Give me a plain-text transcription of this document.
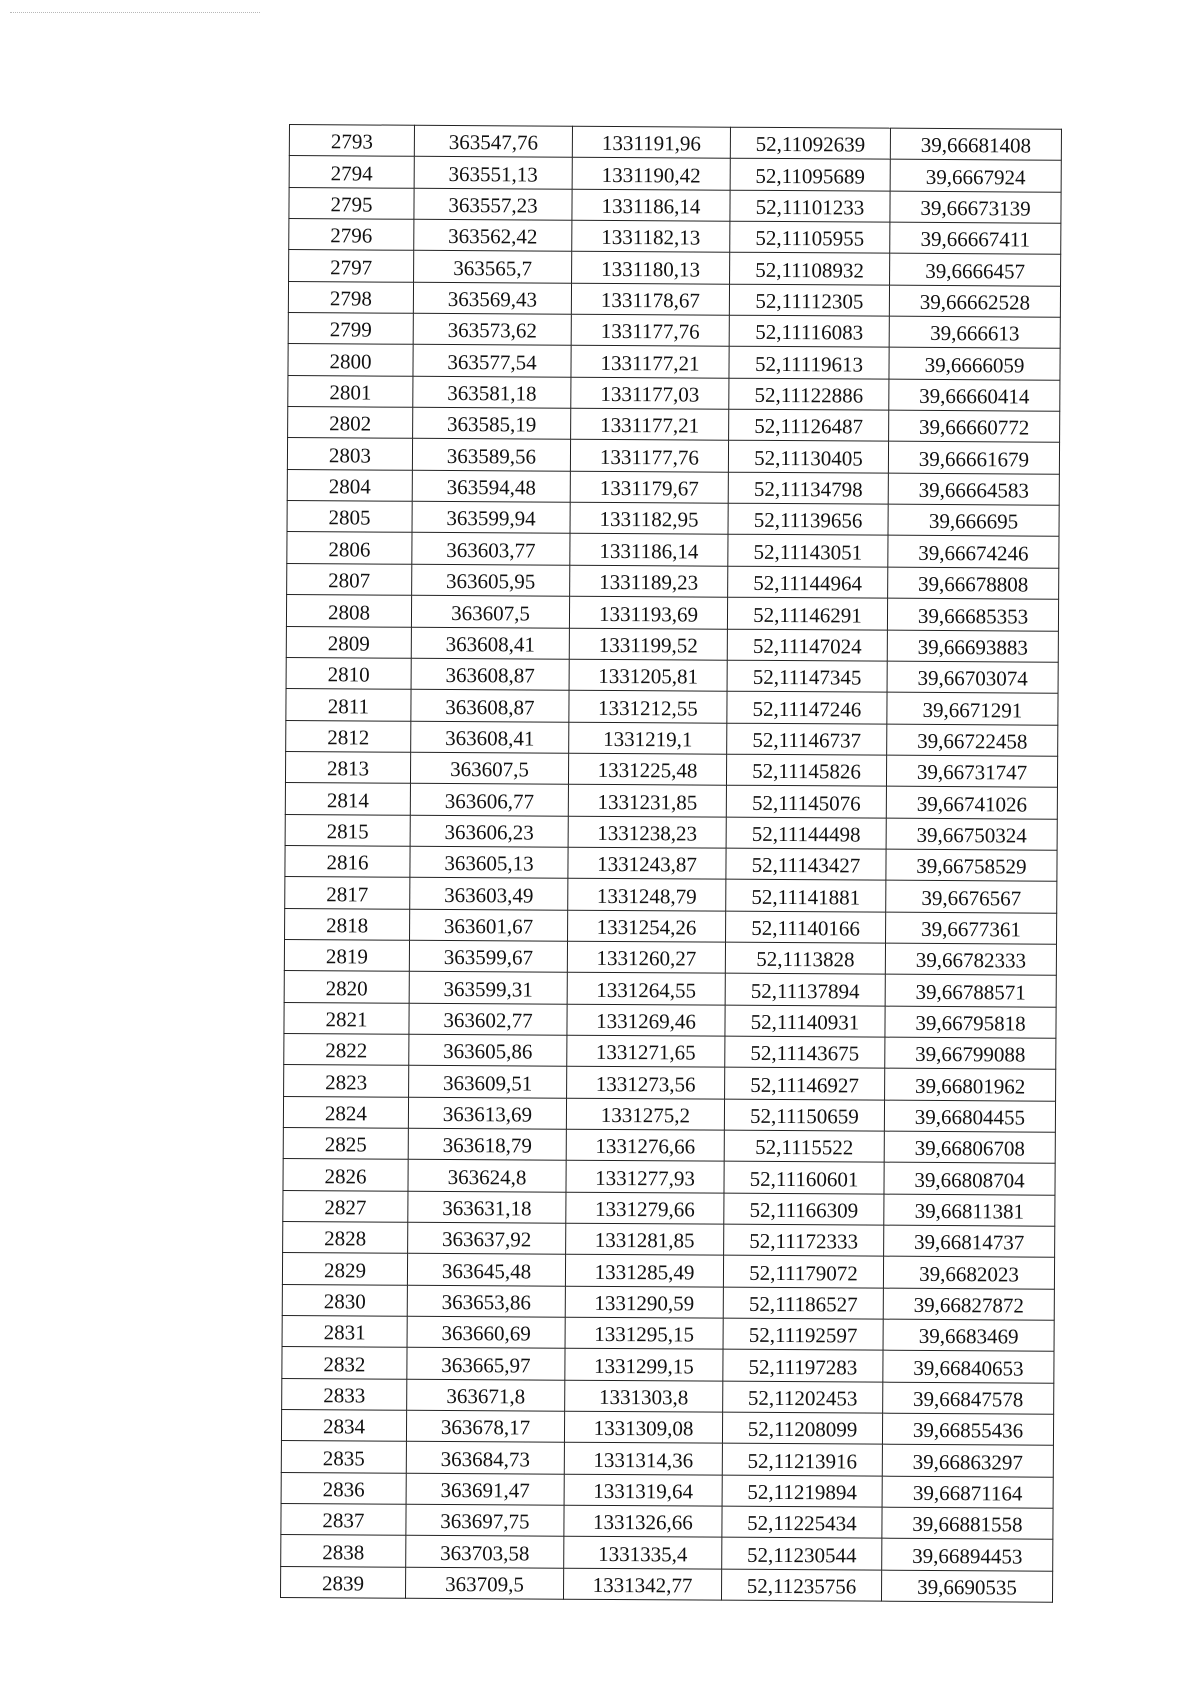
2793	363547,76	1331191,96	52,11092639	39,66681408
2794	363551,13	1331190,42	52,11095689	39,6667924
2795	363557,23	1331186,14	52,11101233	39,66673139
2796	363562,42	1331182,13	52,11105955	39,66667411
2797	363565,7	1331180,13	52,11108932	39,6666457
2798	363569,43	1331178,67	52,11112305	39,66662528
2799	363573,62	1331177,76	52,11116083	39,666613
2800	363577,54	1331177,21	52,11119613	39,6666059
2801	363581,18	1331177,03	52,11122886	39,66660414
2802	363585,19	1331177,21	52,11126487	39,66660772
2803	363589,56	1331177,76	52,11130405	39,66661679
2804	363594,48	1331179,67	52,11134798	39,66664583
2805	363599,94	1331182,95	52,11139656	39,666695
2806	363603,77	1331186,14	52,11143051	39,66674246
2807	363605,95	1331189,23	52,11144964	39,66678808
2808	363607,5	1331193,69	52,11146291	39,66685353
2809	363608,41	1331199,52	52,11147024	39,66693883
2810	363608,87	1331205,81	52,11147345	39,66703074
2811	363608,87	1331212,55	52,11147246	39,6671291
2812	363608,41	1331219,1	52,11146737	39,66722458
2813	363607,5	1331225,48	52,11145826	39,66731747
2814	363606,77	1331231,85	52,11145076	39,66741026
2815	363606,23	1331238,23	52,11144498	39,66750324
2816	363605,13	1331243,87	52,11143427	39,66758529
2817	363603,49	1331248,79	52,11141881	39,6676567
2818	363601,67	1331254,26	52,11140166	39,6677361
2819	363599,67	1331260,27	52,1113828	39,66782333
2820	363599,31	1331264,55	52,11137894	39,66788571
2821	363602,77	1331269,46	52,11140931	39,66795818
2822	363605,86	1331271,65	52,11143675	39,66799088
2823	363609,51	1331273,56	52,11146927	39,66801962
2824	363613,69	1331275,2	52,11150659	39,66804455
2825	363618,79	1331276,66	52,1115522	39,66806708
2826	363624,8	1331277,93	52,11160601	39,66808704
2827	363631,18	1331279,66	52,11166309	39,66811381
2828	363637,92	1331281,85	52,11172333	39,66814737
2829	363645,48	1331285,49	52,11179072	39,6682023
2830	363653,86	1331290,59	52,11186527	39,66827872
2831	363660,69	1331295,15	52,11192597	39,6683469
2832	363665,97	1331299,15	52,11197283	39,66840653
2833	363671,8	1331303,8	52,11202453	39,66847578
2834	363678,17	1331309,08	52,11208099	39,66855436
2835	363684,73	1331314,36	52,11213916	39,66863297
2836	363691,47	1331319,64	52,11219894	39,66871164
2837	363697,75	1331326,66	52,11225434	39,66881558
2838	363703,58	1331335,4	52,11230544	39,66894453
2839	363709,5	1331342,77	52,11235756	39,6690535
